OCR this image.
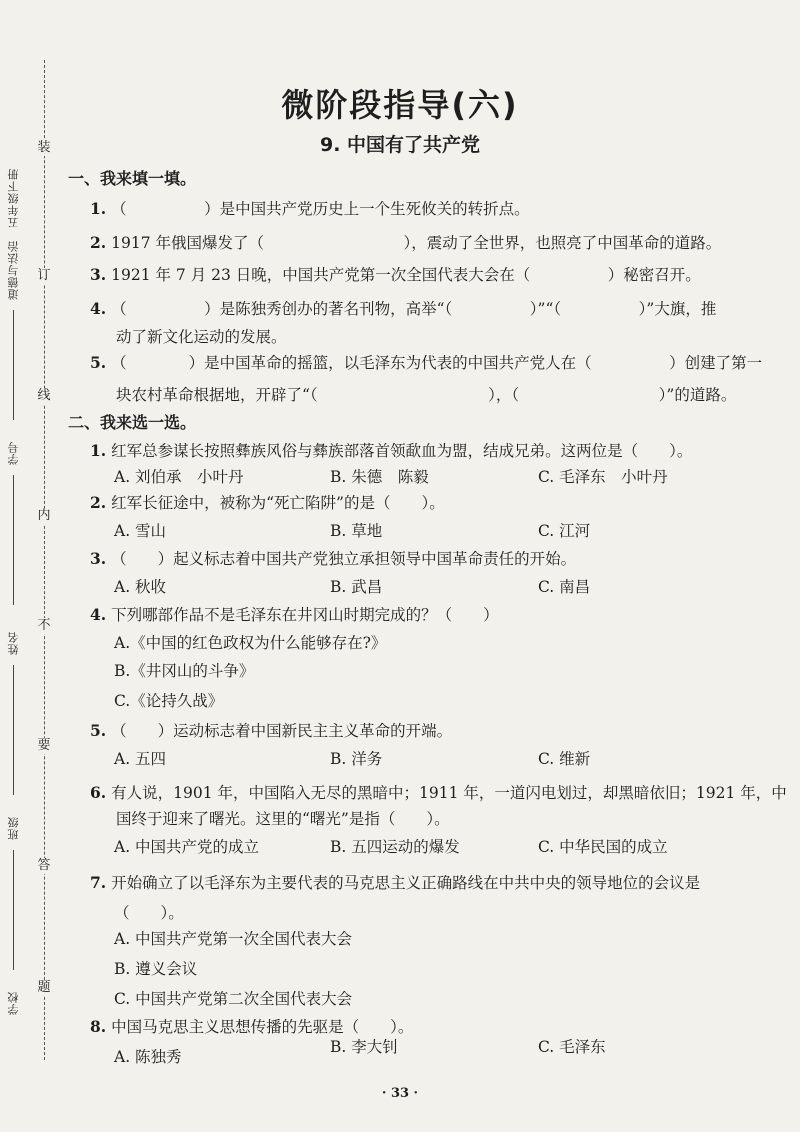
装
订
线
内
不
要
答
题
道德与法治　五年级下册
学号
姓名
班级
学校
微阶段指导(六)
9. 中国有了共产党
一、我来填一填。
1. （　　　　　）是中国共产党历史上一个生死攸关的转折点。
2. 1917 年俄国爆发了（　　　　　　　　　），震动了全世界，也照亮了中国革命的道路。
3. 1921 年 7 月 23 日晚，中国共产党第一次全国代表大会在（　　　　　）秘密召开。
4. （　　　　　）是陈独秀创办的著名刊物，高举“（　　　　　）”“（　　　　　）”大旗，推
动了新文化运动的发展。
5. （　　　　）是中国革命的摇篮，以毛泽东为代表的中国共产党人在（　　　　　）创建了第一
块农村革命根据地，开辟了“（　　　　　　　　　　　），（　　　　　　　　　）”的道路。
二、我来选一选。
1. 红军总参谋长按照彝族风俗与彝族部落首领歃血为盟，结成兄弟。这两位是（　　）。
A. 刘伯承　小叶丹	B. 朱德　陈毅	C. 毛泽东　小叶丹
2. 红军长征途中，被称为“死亡陷阱”的是（　　）。
A. 雪山	B. 草地	C. 江河
3. （　　）起义标志着中国共产党独立承担领导中国革命责任的开始。
A. 秋收	B. 武昌	C. 南昌
4. 下列哪部作品不是毛泽东在井冈山时期完成的？（　　）
A.《中国的红色政权为什么能够存在?》
B.《井冈山的斗争》
C.《论持久战》
5. （　　）运动标志着中国新民主主义革命的开端。
A. 五四	B. 洋务	C. 维新
6. 有人说，1901 年，中国陷入无尽的黑暗中；1911 年，一道闪电划过，却黑暗依旧；1921 年，中
国终于迎来了曙光。这里的“曙光”是指（　　）。
A. 中国共产党的成立	B. 五四运动的爆发	C. 中华民国的成立
7. 开始确立了以毛泽东为主要代表的马克思主义正确路线在中共中央的领导地位的会议是
（　　）。
A. 中国共产党第一次全国代表大会
B. 遵义会议
C. 中国共产党第二次全国代表大会
8. 中国马克思主义思想传播的先驱是（　　）。
A. 陈独秀
B. 李大钊	C. 毛泽东
· 33 ·
